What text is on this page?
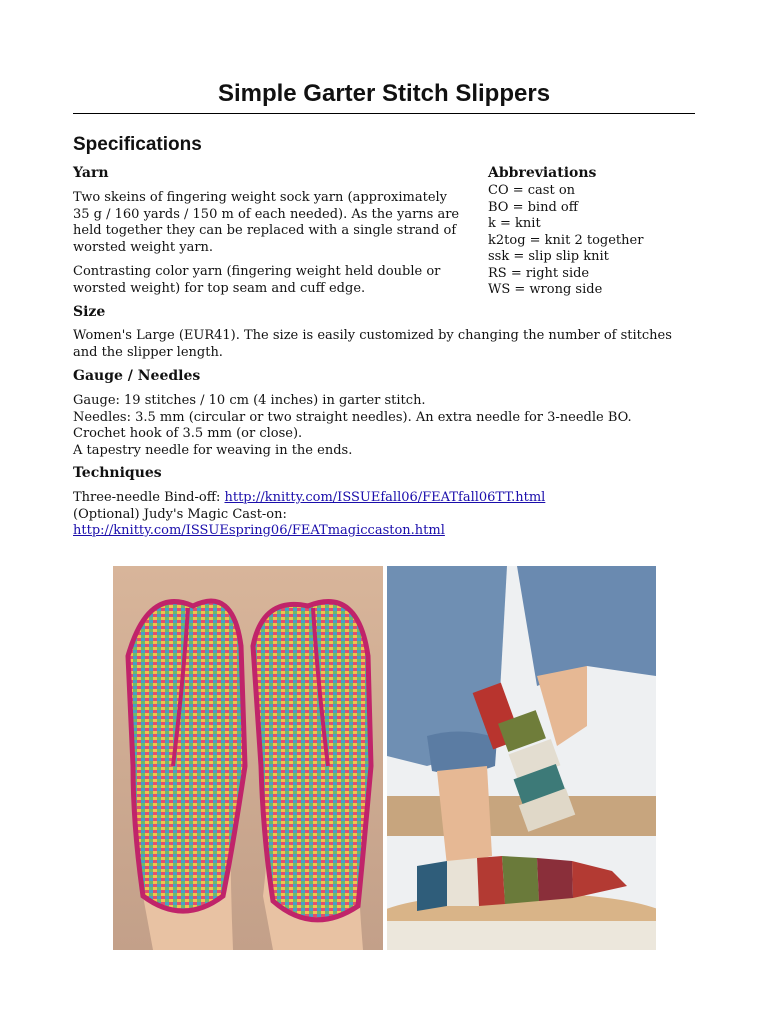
Simple Garter Stitch Slippers
Specifications
Yarn
Two skeins of fingering weight sock yarn (approximately
35 g / 160 yards / 150 m of each needed). As the yarns are
held together they can be replaced with a single strand of
worsted weight yarn.
Contrasting color yarn (fingering weight held double or
worsted weight) for top seam and cuff edge.
Abbreviations
CO = cast on
BO = bind off
k = knit
k2tog = knit 2 together
ssk = slip slip knit
RS = right side
WS = wrong side
Size
Women's Large (EUR41). The size is easily customized by changing the number of stitches
and the slipper length.
Gauge / Needles
Gauge: 19 stitches / 10 cm (4 inches) in garter stitch.
Needles: 3.5 mm (circular or two straight needles). An extra needle for 3-needle BO.
Crochet hook of 3.5 mm (or close).
A tapestry needle for weaving in the ends.
Techniques
Three-needle Bind-off: http://knitty.com/ISSUEfall06/FEATfall06TT.html
(Optional) Judy's Magic Cast-on:
http://knitty.com/ISSUEspring06/FEATmagiccaston.html
